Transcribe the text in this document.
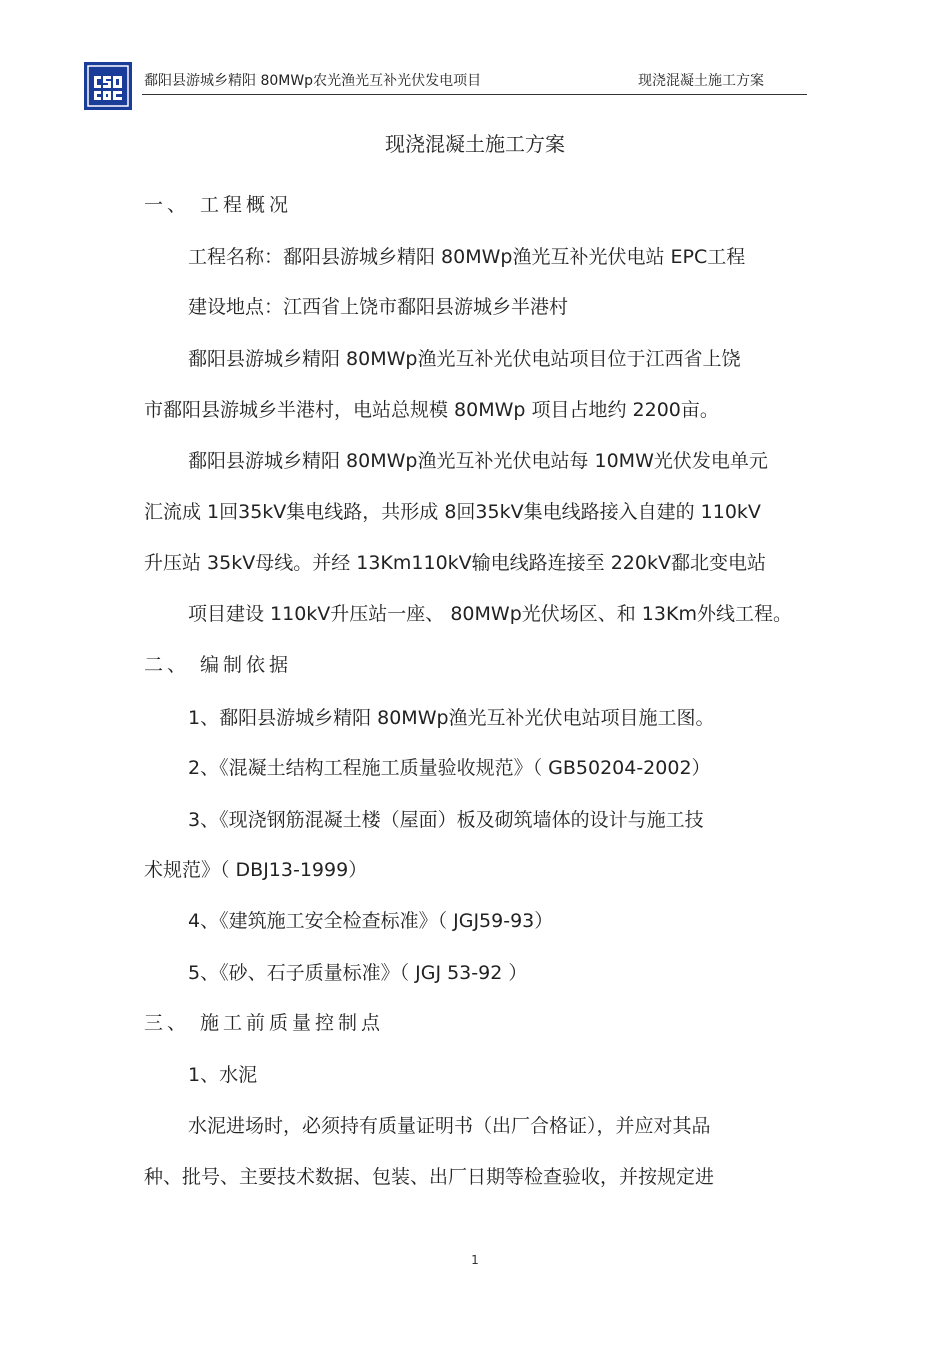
鄱阳县游城乡精阳 80MWp农光渔光互补光伏发电项目	现浇混凝土施工方案
现浇混凝土施工方案
一、 工程概况
工程名称：鄱阳县游城乡精阳 80MWp渔光互补光伏电站 EPC工程
建设地点：江西省上饶市鄱阳县游城乡半港村
鄱阳县游城乡精阳 80MWp渔光互补光伏电站项目位于江西省上饶
市鄱阳县游城乡半港村，电站总规模 80MWp 项目占地约 2200亩。
鄱阳县游城乡精阳 80MWp渔光互补光伏电站每 10MW光伏发电单元
汇流成 1回35kV集电线路，共形成 8回35kV集电线路接入自建的 110kV
升压站 35kV母线。并经 13Km110kV输电线路连接至 220kV鄱北变电站
项目建设 110kV升压站一座、 80MWp光伏场区、和 13Km外线工程。
二、 编制依据
1、鄱阳县游城乡精阳 80MWp渔光互补光伏电站项目施工图。
2、《混凝土结构工程施工质量验收规范》（ GB50204-2002）
3、《现浇钢筋混凝土楼（屋面）板及砌筑墙体的设计与施工技
术规范》（ DBJ13-1999）
4、《建筑施工安全检查标准》（ JGJ59-93）
5、《砂、石子质量标准》（ JGJ 53-92 ）
三、 施工前质量控制点
1、水泥
水泥进场时，必须持有质量证明书（出厂合格证），并应对其品
种、批号、主要技术数据、包装、出厂日期等检查验收，并按规定进
1
